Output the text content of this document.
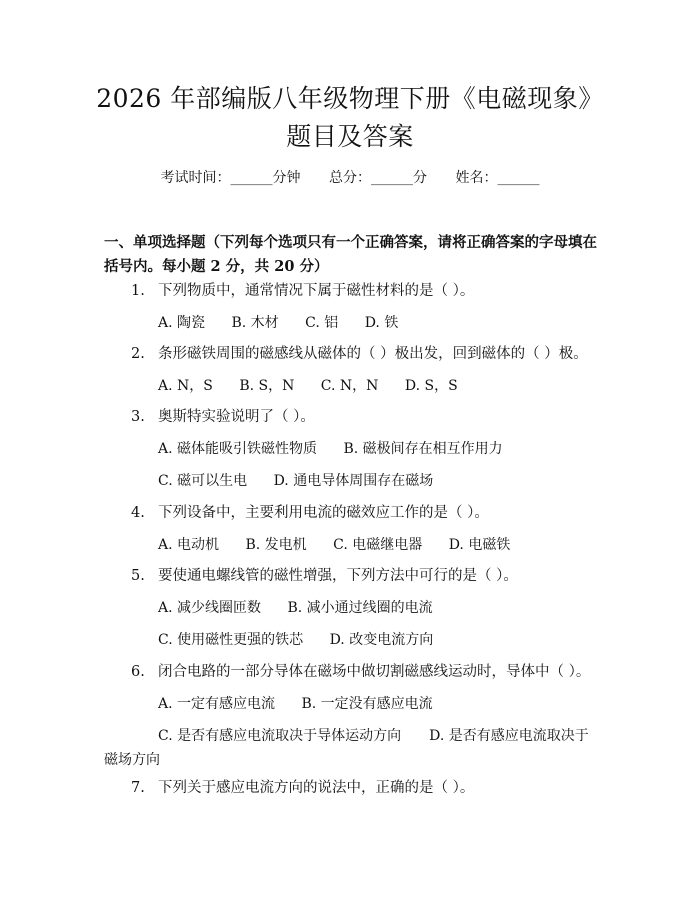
2026 年部编版八年级物理下册《电磁现象》
题目及答案
考试时间：______分钟 总分：______分 姓名：______
一、单项选择题（下列每个选项只有一个正确答案，请将正确答案的字母填在括号内。每小题 2 分，共 20 分）
1. 下列物质中，通常情况下属于磁性材料的是（ ）。
A. 陶瓷 B. 木材 C. 铝 D. 铁
2. 条形磁铁周围的磁感线从磁体的（ ）极出发，回到磁体的（ ）极。
A. N，S B. S，N C. N，N D. S，S
3. 奥斯特实验说明了（ ）。
A. 磁体能吸引铁磁性物质 B. 磁极间存在相互作用力
C. 磁可以生电 D. 通电导体周围存在磁场
4. 下列设备中，主要利用电流的磁效应工作的是（ ）。
A. 电动机 B. 发电机 C. 电磁继电器 D. 电磁铁
5. 要使通电螺线管的磁性增强，下列方法中可行的是（ ）。
A. 减少线圈匝数 B. 减小通过线圈的电流
C. 使用磁性更强的铁芯 D. 改变电流方向
6. 闭合电路的一部分导体在磁场中做切割磁感线运动时，导体中（ ）。
A. 一定有感应电流 B. 一定没有感应电流
C. 是否有感应电流取决于导体运动方向　　D. 是否有感应电流取决于磁场方向
7. 下列关于感应电流方向的说法中，正确的是（ ）。
